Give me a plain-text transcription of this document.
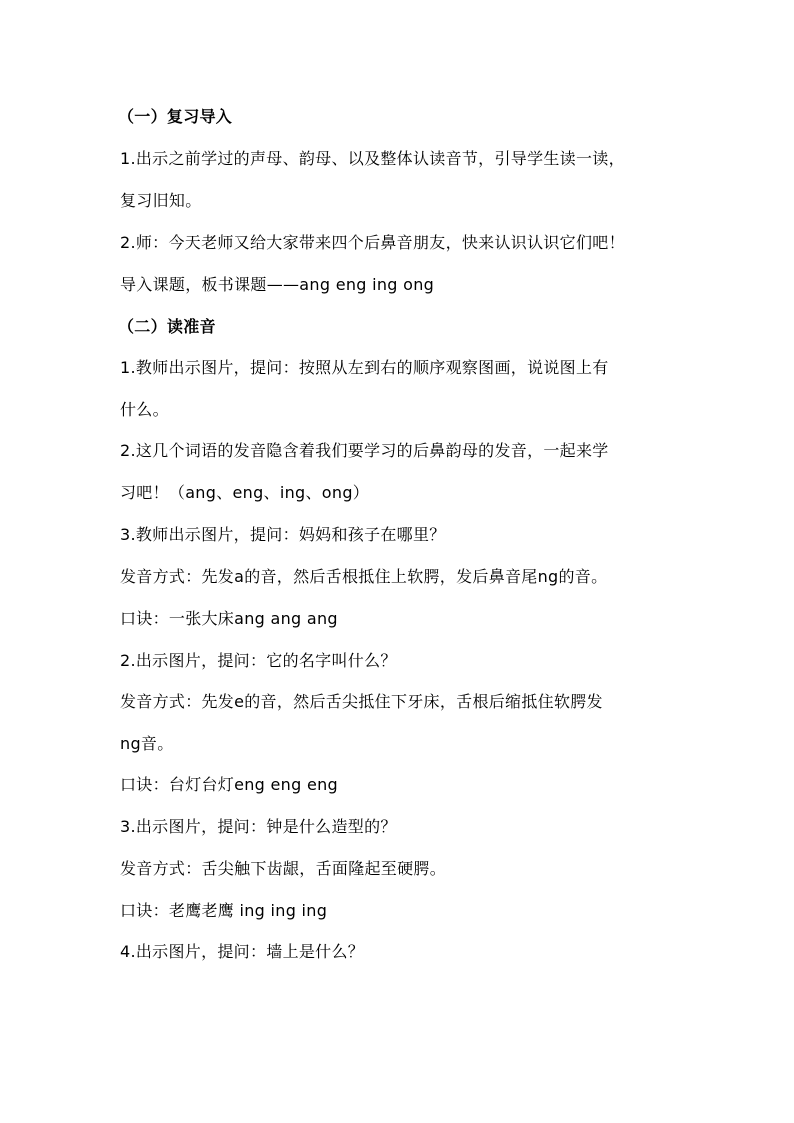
（一）复习导入
1.出示之前学过的声母、韵母、以及整体认读音节，引导学生读一读，
复习旧知。
2.师：今天老师又给大家带来四个后鼻音朋友，快来认识认识它们吧！
导入课题，板书课题——ang eng ing ong
（二）读准音
1.教师出示图片，提问：按照从左到右的顺序观察图画，说说图上有
什么。
2.这几个词语的发音隐含着我们要学习的后鼻韵母的发音，一起来学
习吧！（ang、eng、ing、ong）
3.教师出示图片，提问：妈妈和孩子在哪里？
发音方式：先发a的音，然后舌根抵住上软腭，发后鼻音尾ng的音。
口诀：一张大床ang ang ang
2.出示图片，提问：它的名字叫什么？
发音方式：先发e的音，然后舌尖抵住下牙床，舌根后缩抵住软腭发
ng音。
口诀：台灯台灯eng eng eng
3.出示图片，提问：钟是什么造型的？
发音方式：舌尖触下齿龈，舌面隆起至硬腭。
口诀：老鹰老鹰 ing ing ing
4.出示图片，提问：墙上是什么？
